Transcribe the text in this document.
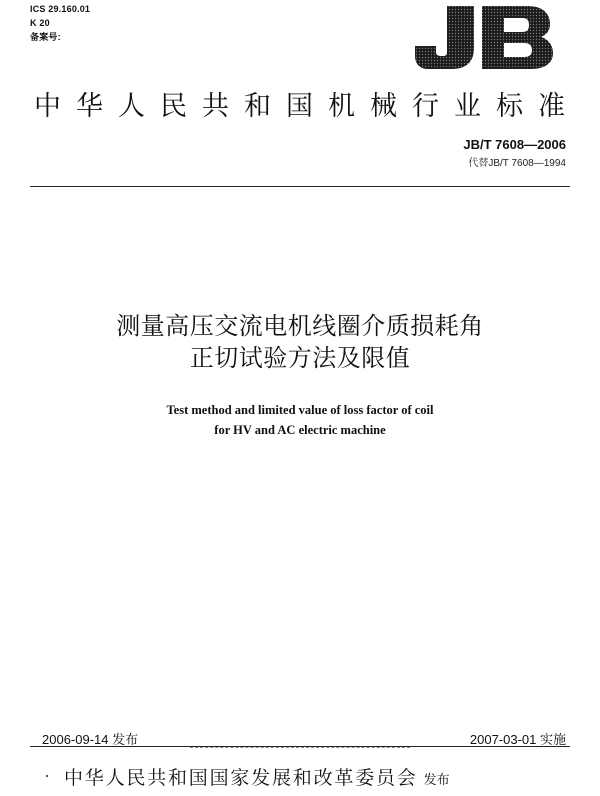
ICS 29.160.01
K 20
备案号:
中华人民共和国机械行业标准
JB/T 7608—2006
代替JB/T 7608—1994
测量高压交流电机线圈介质损耗角
正切试验方法及限值
Test method and limited value of loss factor of coil
for HV and AC electric machine
2006-09-14 发布	2007-03-01 实施
中华人民共和国国家发展和改革委员会 发布
